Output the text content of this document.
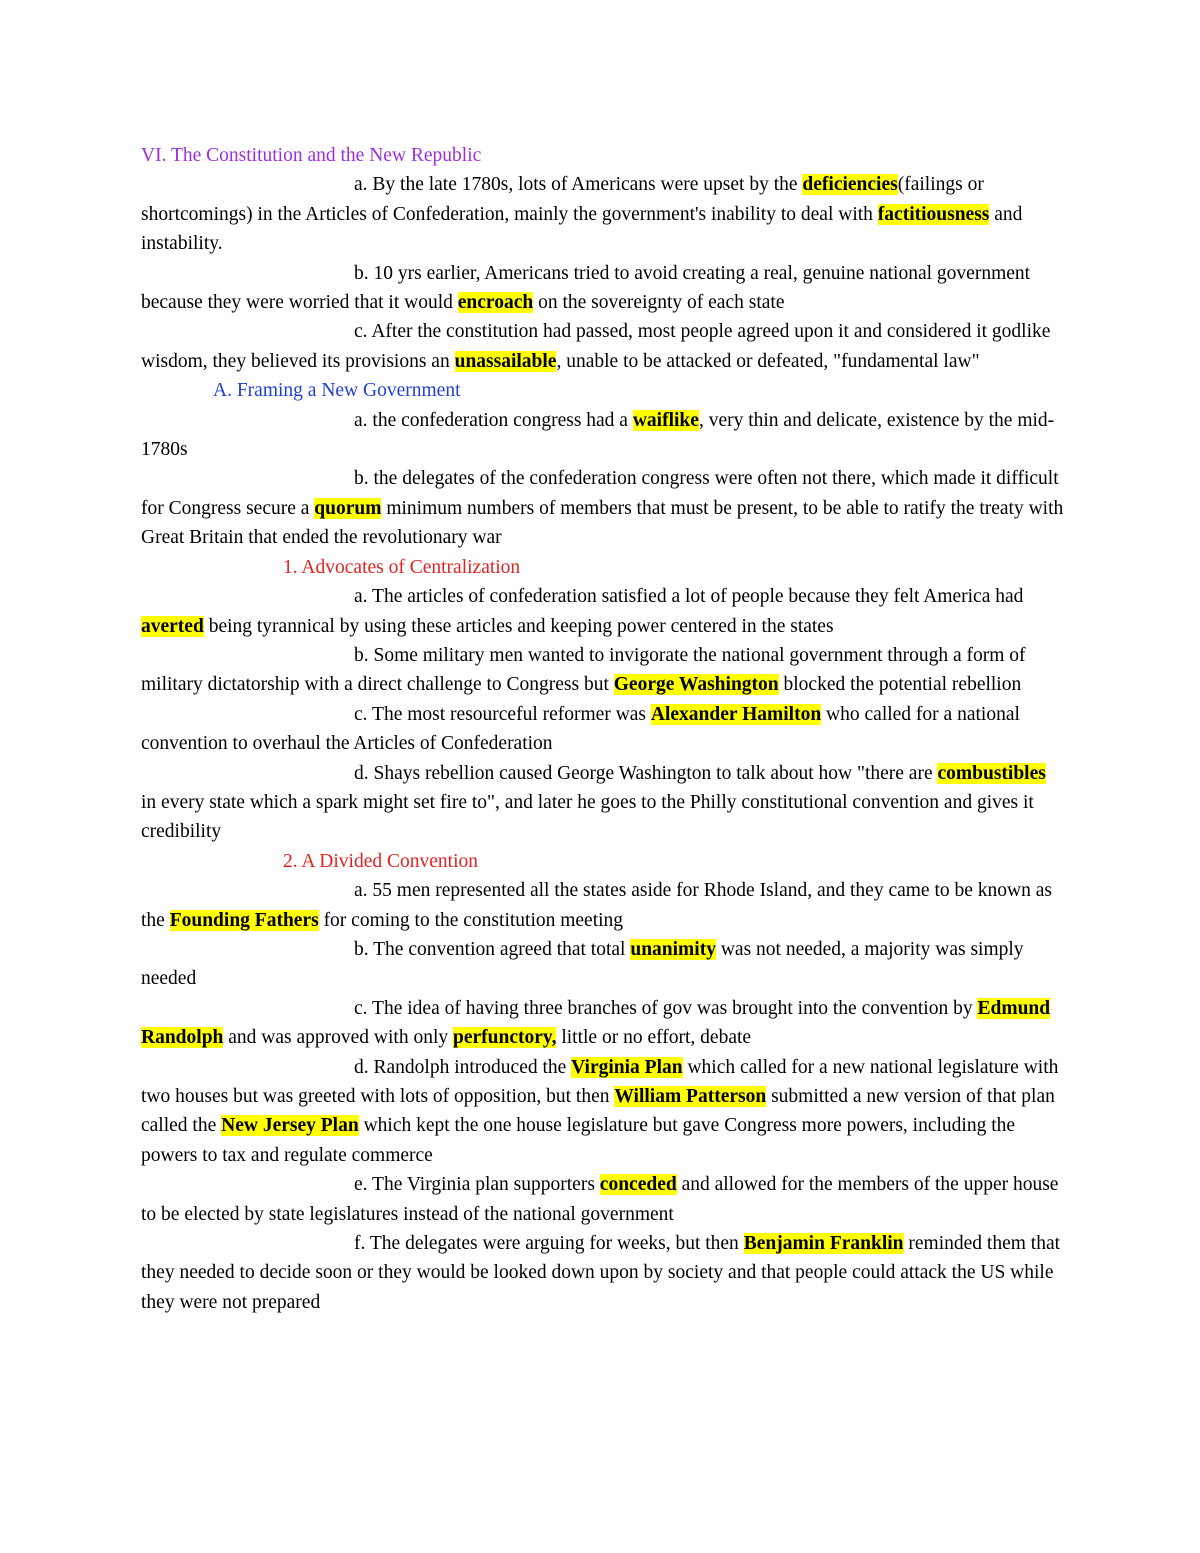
VI. The Constitution and the New Republic

a. By the late 1780s, lots of Americans were upset by the deficiencies(failings or shortcomings) in the Articles of Confederation, mainly the government's inability to deal with factitiousness and instability.

b. 10 yrs earlier, Americans tried to avoid creating a real, genuine national government because they were worried that it would encroach on the sovereignty of each state

c. After the constitution had passed, most people agreed upon it and considered it godlike wisdom, they believed its provisions an unassailable, unable to be attacked or defeated, "fundamental law"

A. Framing a New Government

a. the confederation congress had a waiflike, very thin and delicate, existence by the mid-1780s

b. the delegates of the confederation congress were often not there, which made it difficult for Congress secure a quorum minimum numbers of members that must be present, to be able to ratify the treaty with Great Britain that ended the revolutionary war

1. Advocates of Centralization

a. The articles of confederation satisfied a lot of people because they felt America had averted being tyrannical by using these articles and keeping power centered in the states

b. Some military men wanted to invigorate the national government through a form of military dictatorship with a direct challenge to Congress but George Washington blocked the potential rebellion

c. The most resourceful reformer was Alexander Hamilton who called for a national convention to overhaul the Articles of Confederation

d. Shays rebellion caused George Washington to talk about how "there are combustibles in every state which a spark might set fire to", and later he goes to the Philly constitutional convention and gives it credibility

2. A Divided Convention

a. 55 men represented all the states aside for Rhode Island, and they came to be known as the Founding Fathers for coming to the constitution meeting

b. The convention agreed that total unanimity was not needed, a majority was simply needed

c. The idea of having three branches of gov was brought into the convention by Edmund Randolph and was approved with only perfunctory, little or no effort, debate

d. Randolph introduced the Virginia Plan which called for a new national legislature with two houses but was greeted with lots of opposition, but then William Patterson submitted a new version of that plan called the New Jersey Plan which kept the one house legislature but gave Congress more powers, including the powers to tax and regulate commerce

e. The Virginia plan supporters conceded and allowed for the members of the upper house to be elected by state legislatures instead of the national government

f. The delegates were arguing for weeks, but then Benjamin Franklin reminded them that they needed to decide soon or they would be looked down upon by society and that people could attack the US while they were not prepared
